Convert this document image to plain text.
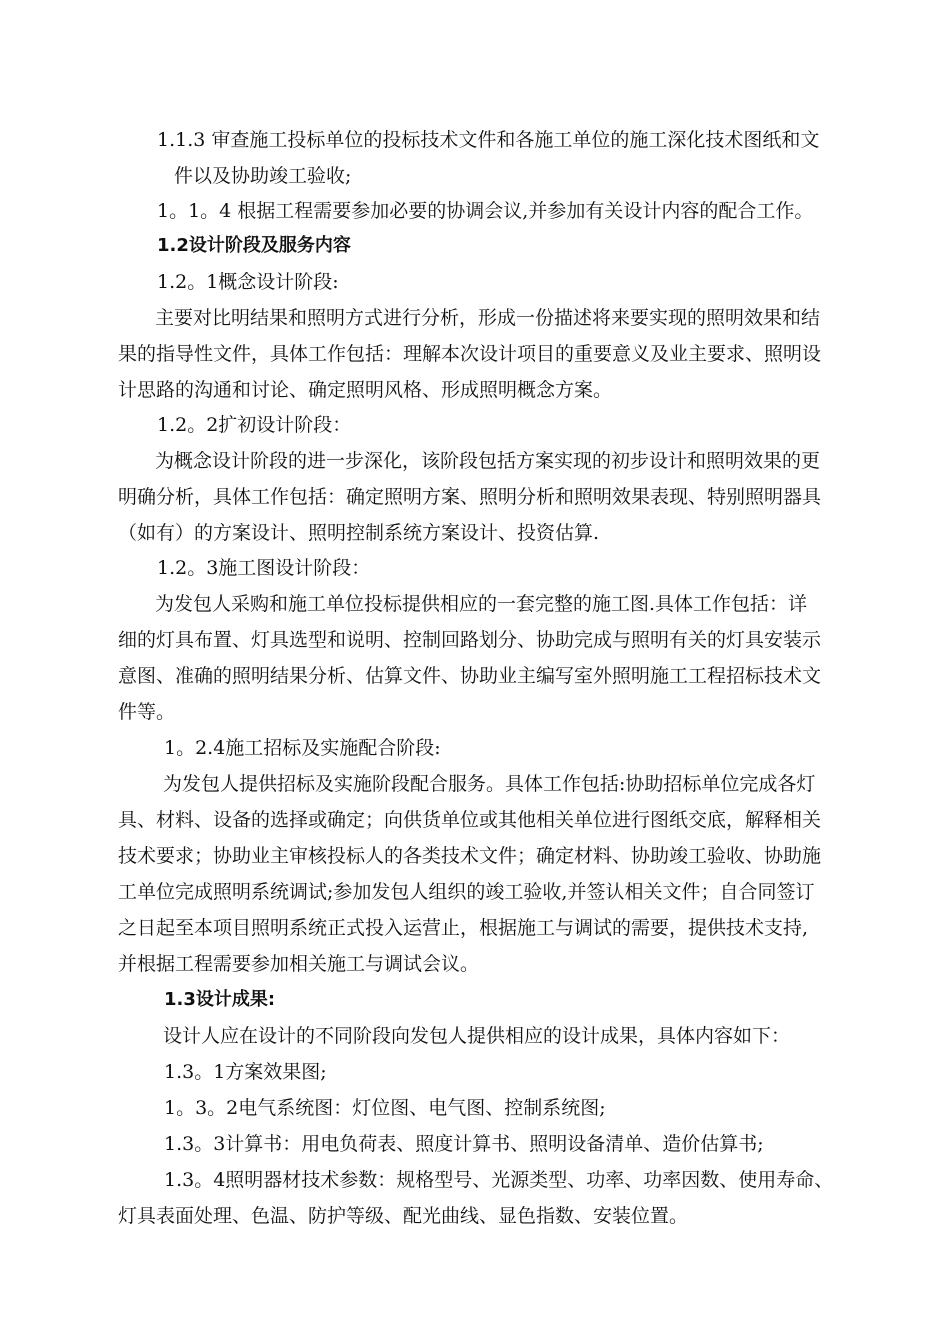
1.1.3 审查施工投标单位的投标技术文件和各施工单位的施工深化技术图纸和文
件以及协助竣工验收;
1。1。4 根据工程需要参加必要的协调会议,并参加有关设计内容的配合工作。
1.2设计阶段及服务内容
1.2。1概念设计阶段:
主要对比明结果和照明方式进行分析，形成一份描述将来要实现的照明效果和结
果的指导性文件，具体工作包括：理解本次设计项目的重要意义及业主要求、照明设
计思路的沟通和讨论、确定照明风格、形成照明概念方案。
1.2。2扩初设计阶段：
为概念设计阶段的进一步深化，该阶段包括方案实现的初步设计和照明效果的更
明确分析，具体工作包括：确定照明方案、照明分析和照明效果表现、特别照明器具
（如有）的方案设计、照明控制系统方案设计、投资估算.
1.2。3施工图设计阶段：
为发包人采购和施工单位投标提供相应的一套完整的施工图.具体工作包括：详
细的灯具布置、灯具选型和说明、控制回路划分、协助完成与照明有关的灯具安装示
意图、准确的照明结果分析、估算文件、协助业主编写室外照明施工工程招标技术文
件等。
1。2.4施工招标及实施配合阶段:
为发包人提供招标及实施阶段配合服务。具体工作包括:协助招标单位完成各灯
具、材料、设备的选择或确定；向供货单位或其他相关单位进行图纸交底，解释相关
技术要求；协助业主审核投标人的各类技术文件；确定材料、协助竣工验收、协助施
工单位完成照明系统调试;参加发包人组织的竣工验收,并签认相关文件；自合同签订
之日起至本项目照明系统正式投入运营止，根据施工与调试的需要，提供技术支持,
并根据工程需要参加相关施工与调试会议。
1.3设计成果:
设计人应在设计的不同阶段向发包人提供相应的设计成果，具体内容如下：
1.3。1方案效果图;
1。3。2电气系统图：灯位图、电气图、控制系统图;
1.3。3计算书：用电负荷表、照度计算书、照明设备清单、造价估算书;
1.3。4照明器材技术参数：规格型号、光源类型、功率、功率因数、使用寿命、
灯具表面处理、色温、防护等级、配光曲线、显色指数、安装位置。
